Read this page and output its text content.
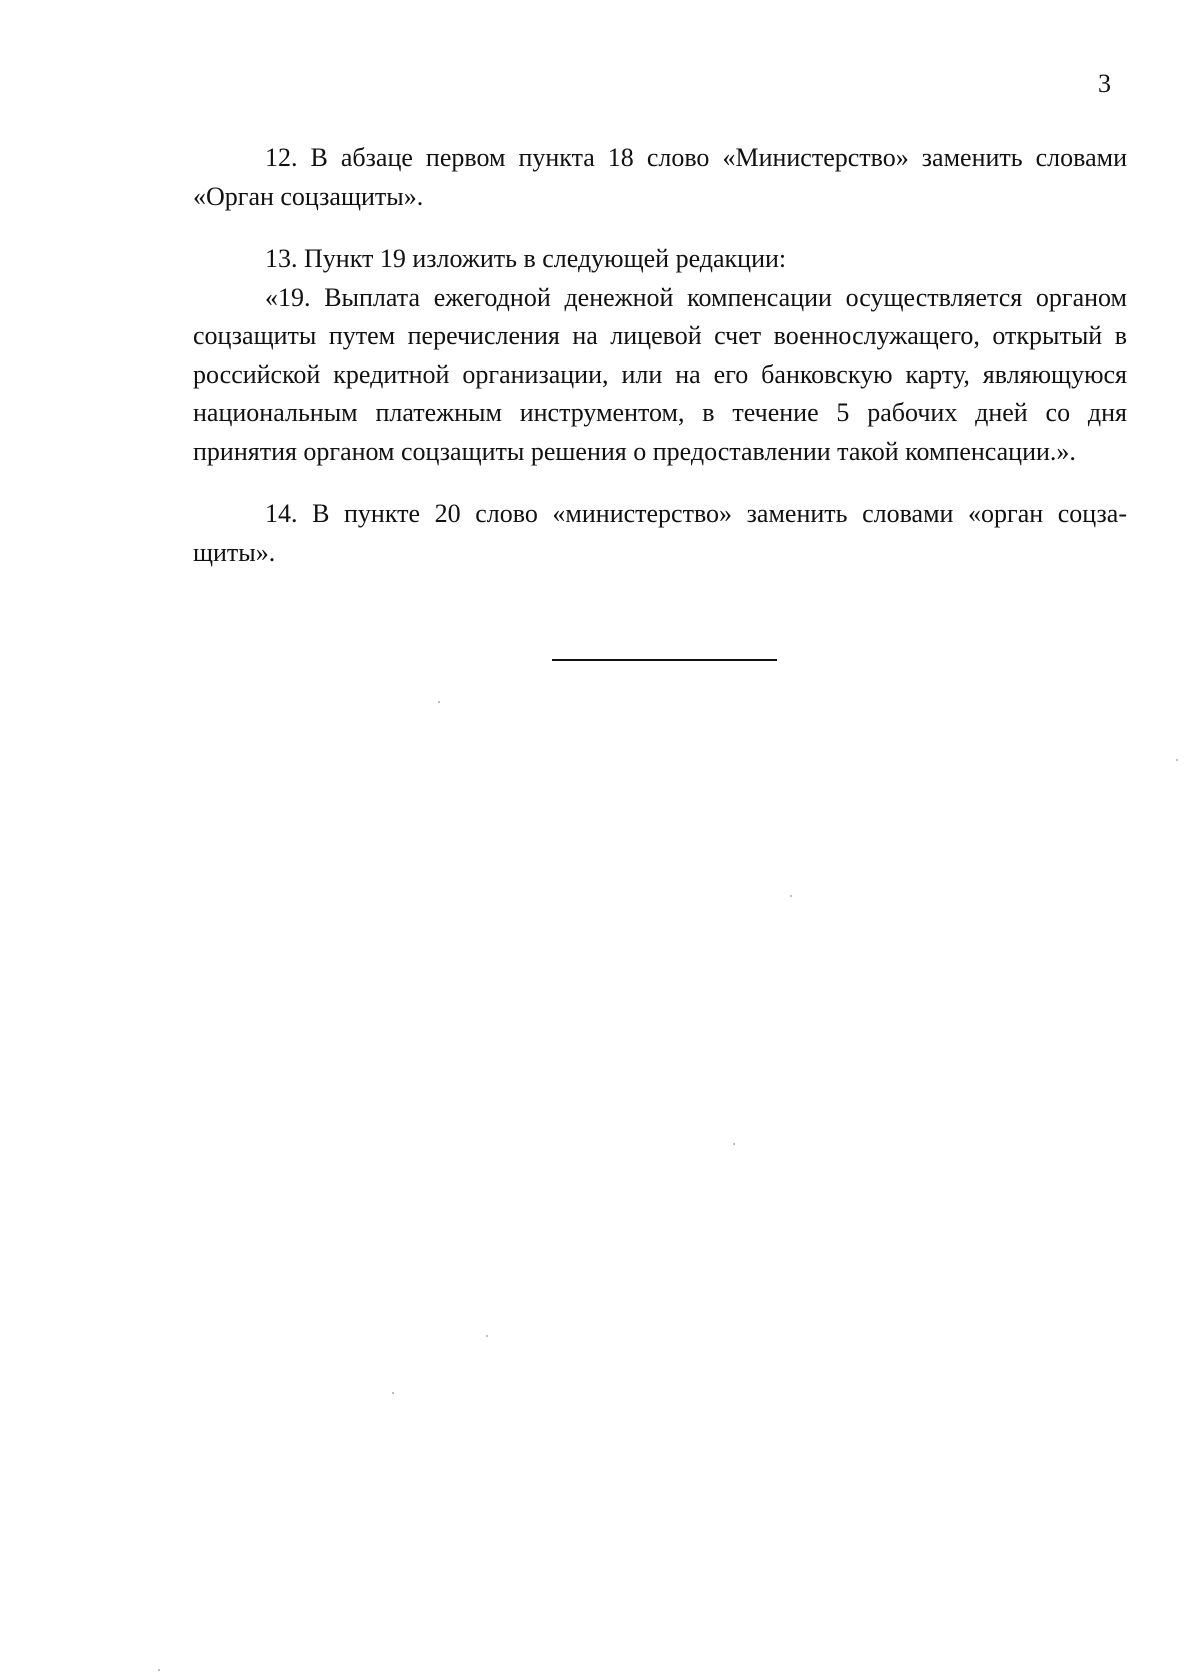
3

12. В абзаце первом пункта 18 слово «Министерство» заменить словами «Орган соцзащиты».

13. Пункт 19 изложить в следующей редакции:

«19. Выплата ежегодной денежной компенсации осуществляется органом соцзащиты путем перечисления на лицевой счет военнослужащего, открытый в российской кредитной организации, или на его банковскую карту, являющуюся национальным платежным инструментом, в течение 5 рабочих дней со дня принятия органом соцзащиты решения о предоставлении такой компенсации.».

14. В пункте 20 слово «министерство» заменить словами «орган соцзащиты».
